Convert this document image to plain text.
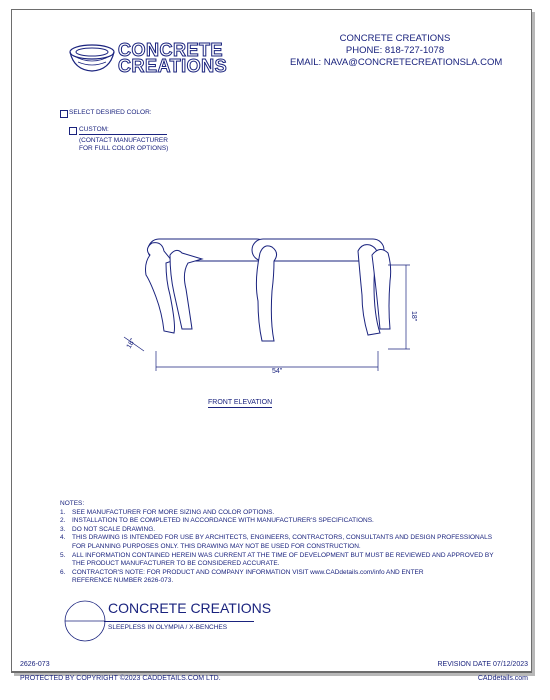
CONCRETE
CREATIONS
CONCRETE CREATIONS
PHONE: 818-727-1078
EMAIL: NAVA@CONCRETECREATIONSLA.COM
SELECT DESIRED COLOR:
CUSTOM:
(CONTACT MANUFACTURER
FOR FULL COLOR OPTIONS)
54"
18"
18"
FRONT ELEVATION
NOTES:
1.	SEE MANUFACTURER FOR MORE SIZING AND COLOR OPTIONS.
2.	INSTALLATION TO BE COMPLETED IN ACCORDANCE WITH MANUFACTURER'S SPECIFICATIONS.
3.	DO NOT SCALE DRAWING.
4.	THIS DRAWING IS INTENDED FOR USE BY ARCHITECTS, ENGINEERS, CONTRACTORS, CONSULTANTS AND DESIGN PROFESSIONALS
FOR PLANNING PURPOSES ONLY. THIS DRAWING MAY NOT BE USED FOR CONSTRUCTION.
5.	ALL INFORMATION CONTAINED HEREIN WAS CURRENT AT THE TIME OF DEVELOPMENT BUT MUST BE REVIEWED AND APPROVED BY
THE PRODUCT MANUFACTURER TO BE CONSIDERED ACCURATE.
6.	CONTRACTOR'S NOTE: FOR PRODUCT AND COMPANY INFORMATION VISIT www.CADdetails.com/info AND ENTER
REFERENCE NUMBER 2626-073.
CONCRETE CREATIONS
SLEEPLESS IN OLYMPIA / X-BENCHES
2626-073	REVISION DATE 07/12/2023
PROTECTED BY COPYRIGHT ©2023 CADDETAILS.COM LTD.	CADdetails.com
